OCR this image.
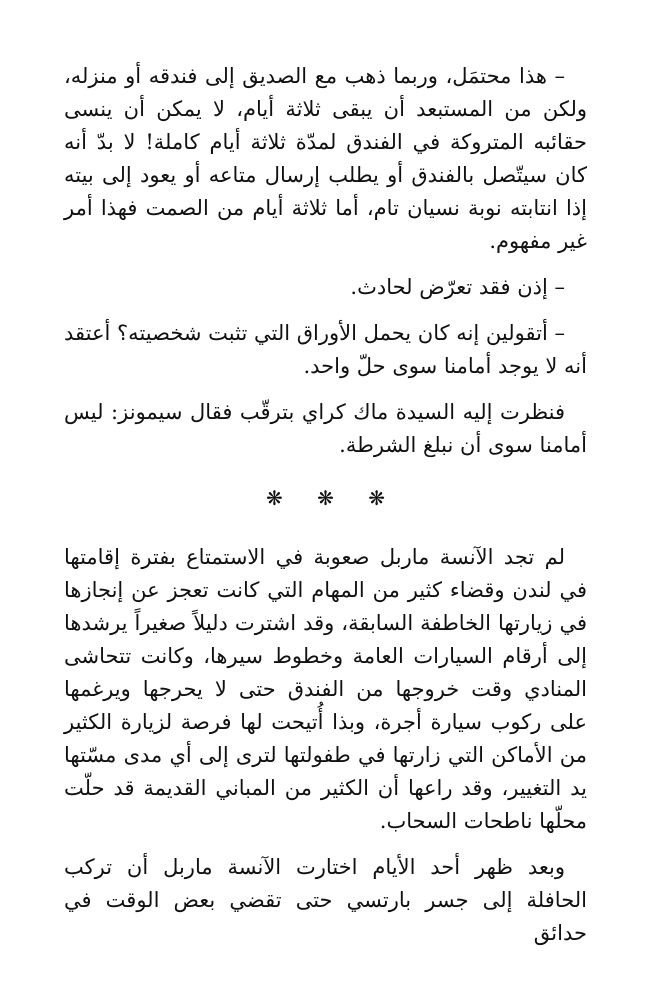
– هذا محتمَل، وربما ذهب مع الصديق إلى فندقه أو منزله، ولكن من المستبعد أن يبقى ثلاثة أيام، لا يمكن أن ينسى حقائبه المتروكة في الفندق لمدّة ثلاثة أيام كاملة! لا بدّ أنه كان سيتّصل بالفندق أو يطلب إرسال متاعه أو يعود إلى بيته إذا انتابته نوبة نسيان تام، أما ثلاثة أيام من الصمت فهذا أمر غير مفهوم.

– إذن فقد تعرّض لحادث.

– أتقولين إنه كان يحمل الأوراق التي تثبت شخصيته؟ أعتقد أنه لا يوجد أمامنا سوى حلّ واحد.

فنظرت إليه السيدة ماك كراي بترقّب فقال سيمونز: ليس أمامنا سوى أن نبلغ الشرطة.

❋ ❋ ❋

لم تجد الآنسة ماربل صعوبة في الاستمتاع بفترة إقامتها في لندن وقضاء كثير من المهام التي كانت تعجز عن إنجازها في زيارتها الخاطفة السابقة، وقد اشترت دليلاً صغيراً يرشدها إلى أرقام السيارات العامة وخطوط سيرها، وكانت تتحاشى المنادي وقت خروجها من الفندق حتى لا يحرجها ويرغمها على ركوب سيارة أجرة، وبذا أُتيحت لها فرصة لزيارة الكثير من الأماكن التي زارتها في طفولتها لترى إلى أي مدى مسّتها يد التغيير، وقد راعها أن الكثير من المباني القديمة قد حلّت محلّها ناطحات السحاب.

وبعد ظهر أحد الأيام اختارت الآنسة ماربل أن تركب الحافلة إلى جسر بارتسي حتى تقضي بعض الوقت في حدائق
